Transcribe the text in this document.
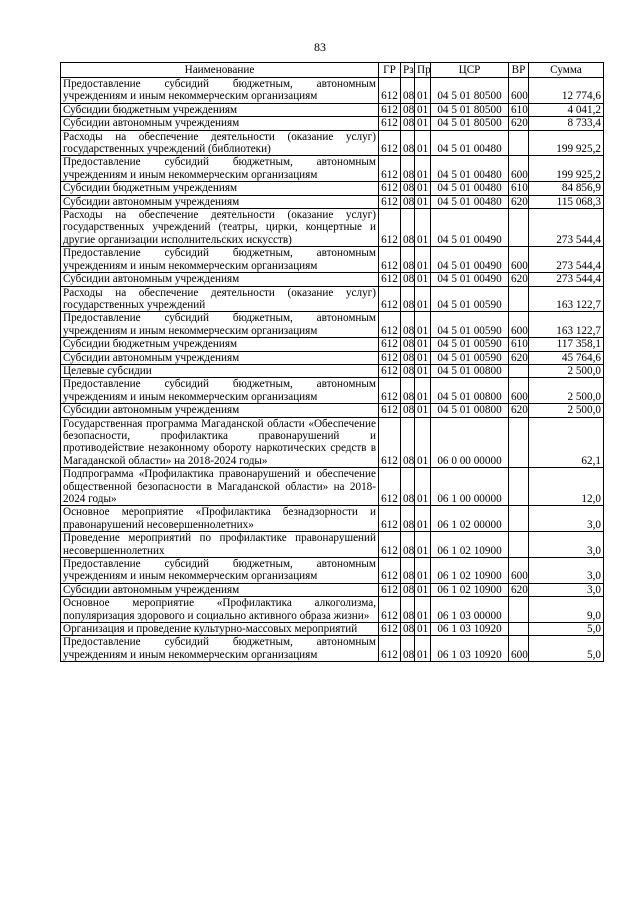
83
Наименование	ГР	Рз	Пр	ЦСР	ВР	Сумма
Предоставление субсидий бюджетным, автономным учреждениям и иным некоммерческим организациям	612	08	01	04 5 01 80500	600	12 774,6
Субсидии бюджетным учреждениям	612	08	01	04 5 01 80500	610	4 041,2
Субсидии автономным учреждениям	612	08	01	04 5 01 80500	620	8 733,4
Расходы на обеспечение деятельности (оказание услуг) государственных учреждений (библиотеки)	612	08	01	04 5 01 00480		199 925,2
Предоставление субсидий бюджетным, автономным учреждениям и иным некоммерческим организациям	612	08	01	04 5 01 00480	600	199 925,2
Субсидии бюджетным учреждениям	612	08	01	04 5 01 00480	610	84 856,9
Субсидии автономным учреждениям	612	08	01	04 5 01 00480	620	115 068,3
Расходы на обеспечение деятельности (оказание услуг) государственных учреждений (театры, цирки, концертные и другие организации исполнительских искусств)	612	08	01	04 5 01 00490		273 544,4
Предоставление субсидий бюджетным, автономным учреждениям и иным некоммерческим организациям	612	08	01	04 5 01 00490	600	273 544,4
Субсидии автономным учреждениям	612	08	01	04 5 01 00490	620	273 544,4
Расходы на обеспечение деятельности (оказание услуг) государственных учреждений	612	08	01	04 5 01 00590		163 122,7
Предоставление субсидий бюджетным, автономным учреждениям и иным некоммерческим организациям	612	08	01	04 5 01 00590	600	163 122,7
Субсидии бюджетным учреждениям	612	08	01	04 5 01 00590	610	117 358,1
Субсидии автономным учреждениям	612	08	01	04 5 01 00590	620	45 764,6
Целевые субсидии	612	08	01	04 5 01 00800		2 500,0
Предоставление субсидий бюджетным, автономным учреждениям и иным некоммерческим организациям	612	08	01	04 5 01 00800	600	2 500,0
Субсидии автономным учреждениям	612	08	01	04 5 01 00800	620	2 500,0
Государственная программа Магаданской области «Обеспечение безопасности, профилактика правонарушений и противодействие незаконному обороту наркотических средств в Магаданской области» на 2018-2024 годы»	612	08	01	06 0 00 00000		62,1
Подпрограмма «Профилактика правонарушений и обеспечение общественной безопасности в Магаданской области» на 2018-2024 годы»	612	08	01	06 1 00 00000		12,0
Основное мероприятие «Профилактика безнадзорности и правонарушений несовершеннолетних»	612	08	01	06 1 02 00000		3,0
Проведение мероприятий по профилактике правонарушений несовершеннолетних	612	08	01	06 1 02 10900		3,0
Предоставление субсидий бюджетным, автономным учреждениям и иным некоммерческим организациям	612	08	01	06 1 02 10900	600	3,0
Субсидии автономным учреждениям	612	08	01	06 1 02 10900	620	3,0
Основное мероприятие «Профилактика алкоголизма, популяризация здорового и социально активного образа жизни»	612	08	01	06 1 03 00000		9,0
Организация и проведение культурно-массовых мероприятий	612	08	01	06 1 03 10920		5,0
Предоставление субсидий бюджетным, автономным учреждениям и иным некоммерческим организациям	612	08	01	06 1 03 10920	600	5,0
